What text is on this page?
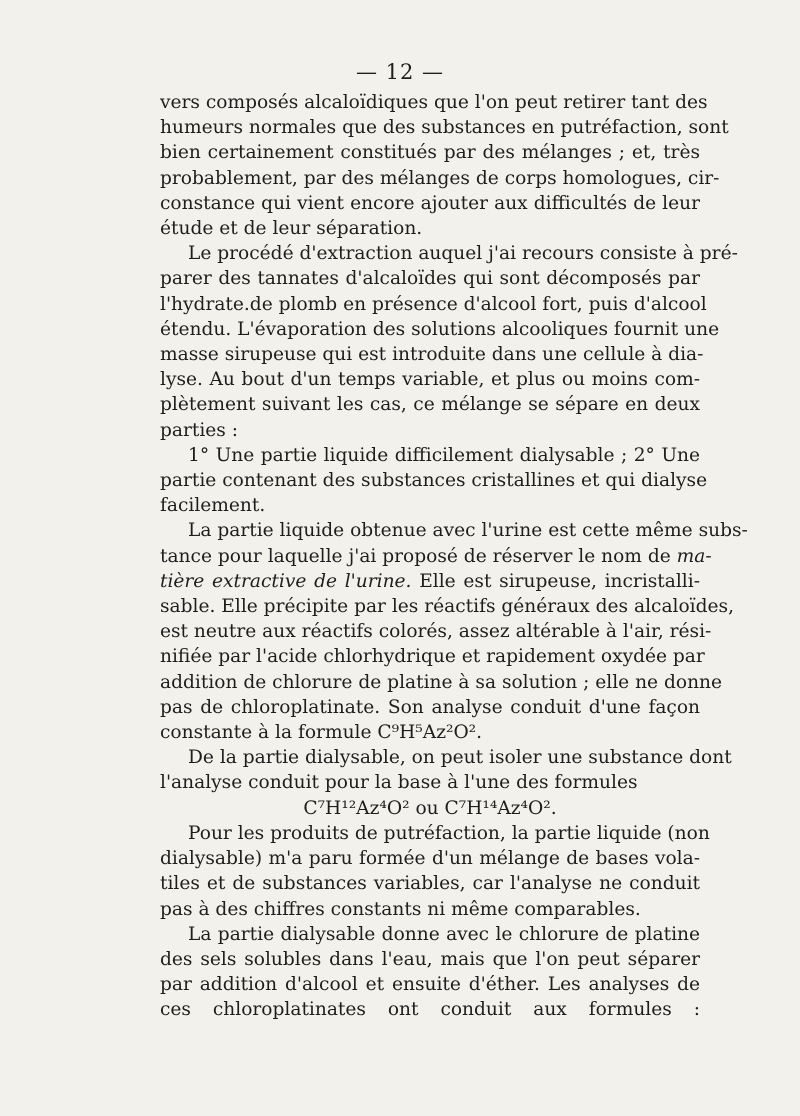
— 12 —

vers composés alcaloïdiques que l'on peut retirer tant des
humeurs normales que des substances en putréfaction, sont
bien certainement constitués par des mélanges ; et, très
probablement, par des mélanges de corps homologues, cir-
constance qui vient encore ajouter aux difficultés de leur
étude et de leur séparation.

Le procédé d'extraction auquel j'ai recours consiste à pré-
parer des tannates d'alcaloïdes qui sont décomposés par
l'hydrate.de plomb en présence d'alcool fort, puis d'alcool
étendu. L'évaporation des solutions alcooliques fournit une
masse sirupeuse qui est introduite dans une cellule à dia-
lyse. Au bout d'un temps variable, et plus ou moins com-
plètement suivant les cas, ce mélange se sépare en deux
parties :

1° Une partie liquide difficilement dialysable ; 2° Une
partie contenant des substances cristallines et qui dialyse
facilement.

La partie liquide obtenue avec l'urine est cette même subs-
tance pour laquelle j'ai proposé de réserver le nom de ma-
tière extractive de l'urine. Elle est sirupeuse, incristalli-
sable. Elle précipite par les réactifs généraux des alcaloïdes,
est neutre aux réactifs colorés, assez altérable à l'air, rési-
nifiée par l'acide chlorhydrique et rapidement oxydée par
addition de chlorure de platine à sa solution ; elle ne donne
pas de chloroplatinate. Son analyse conduit d'une façon
constante à la formule C⁹H⁵Az²O².

De la partie dialysable, on peut isoler une substance dont
l'analyse conduit pour la base à l'une des formules
C⁷H¹²Az⁴O² ou C⁷H¹⁴Az⁴O².

Pour les produits de putréfaction, la partie liquide (non
dialysable) m'a paru formée d'un mélange de bases vola-
tiles et de substances variables, car l'analyse ne conduit
pas à des chiffres constants ni même comparables.

La partie dialysable donne avec le chlorure de platine
des sels solubles dans l'eau, mais que l'on peut séparer
par addition d'alcool et ensuite d'éther. Les analyses de
ces chloroplatinates ont conduit aux formules :
